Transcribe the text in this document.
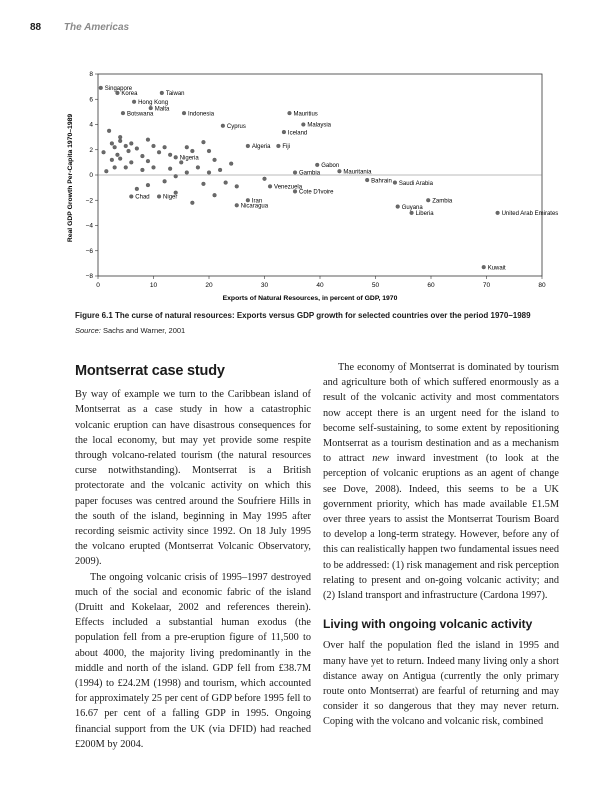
88 The Americas
0	10	20	30	40	50	60	70	80
8
6
4
2
0
−2
−4
−6
−8
Singapore
Korea	Taiwan
Hong Kong
Malta
Botswana	Indonesia
Cyprus
Mauritius
Malaysia
Iceland
Algeria Fiji
Nigeria
Gabon
Gambia	Mauritania
Bahrain Saudi Arabia
Venezuela
Cote D'Ivoire
Chad Niger
Iran
Nicaragua
Zambia
Guyana
Liberia	United Arab Emirates
Kuwait
Exports of Natural Resources, in percent of GDP, 1970
Real GDP Growth Per-Capita 1970–1989
Figure 6.1 The curse of natural resources: Exports versus GDP growth for selected countries over the period 1970–1989
Source: Sachs and Warner, 2001
Montserrat case study

By way of example we turn to the Caribbean island of Montserrat as a case study in how a catastrophic volcanic eruption can have disastrous consequences for the local economy, but may yet provide some respite through volcano-related tourism (the natural resources curse notwithstanding). Montserrat is a British protectorate and the volcanic activity on which this paper focuses was centred around the Soufriere Hills in the south of the island, beginning in May 1995 after recording seismic activity since 1992. On 18 July 1995 the volcano erupted (Montserrat Volcanic Observatory, 2009).

The ongoing volcanic crisis of 1995–1997 destroyed much of the social and economic fabric of the island (Druitt and Kokelaar, 2002 and references therein). Effects included a substantial human exodus (the population fell from a pre-eruption figure of 11,500 to about 4000, the majority living predominantly in the middle and north of the island. GDP fell from £38.7M (1994) to £24.2M (1998) and tourism, which accounted for approximately 25 per cent of GDP before 1995 fell to 16.67 per cent of a falling GDP in 1995. Ongoing financial support from the UK (via DFID) had reached £200M by 2004.

The economy of Montserrat is dominated by tourism and agriculture both of which suffered enormously as a result of the volcanic activity and most commentators now accept there is an urgent need for the island to become self-sustaining, to some extent by repositioning Montserrat as a tourism destination and as a mechanism to attract new inward investment (to look at the perception of volcanic eruptions as an agent of change see Dove, 2008). Indeed, this seems to be a UK government priority, which has made available £1.5M over three years to assist the Montserrat Tourism Board to develop a long-term strategy. However, before any of this can realistically happen two fundamental issues need to be addressed: (1) risk management and risk perception relating to present and on-going volcanic activity; and (2) Island transport and infrastructure (Cardona 1997).

Living with ongoing volcanic activity

Over half the population fled the island in 1995 and many have yet to return. Indeed many living only a short distance away on Antigua (currently the only primary route onto Montserrat) are fearful of returning and may consider it so dangerous that they may never return. Coping with the volcano and volcanic risk, combined
